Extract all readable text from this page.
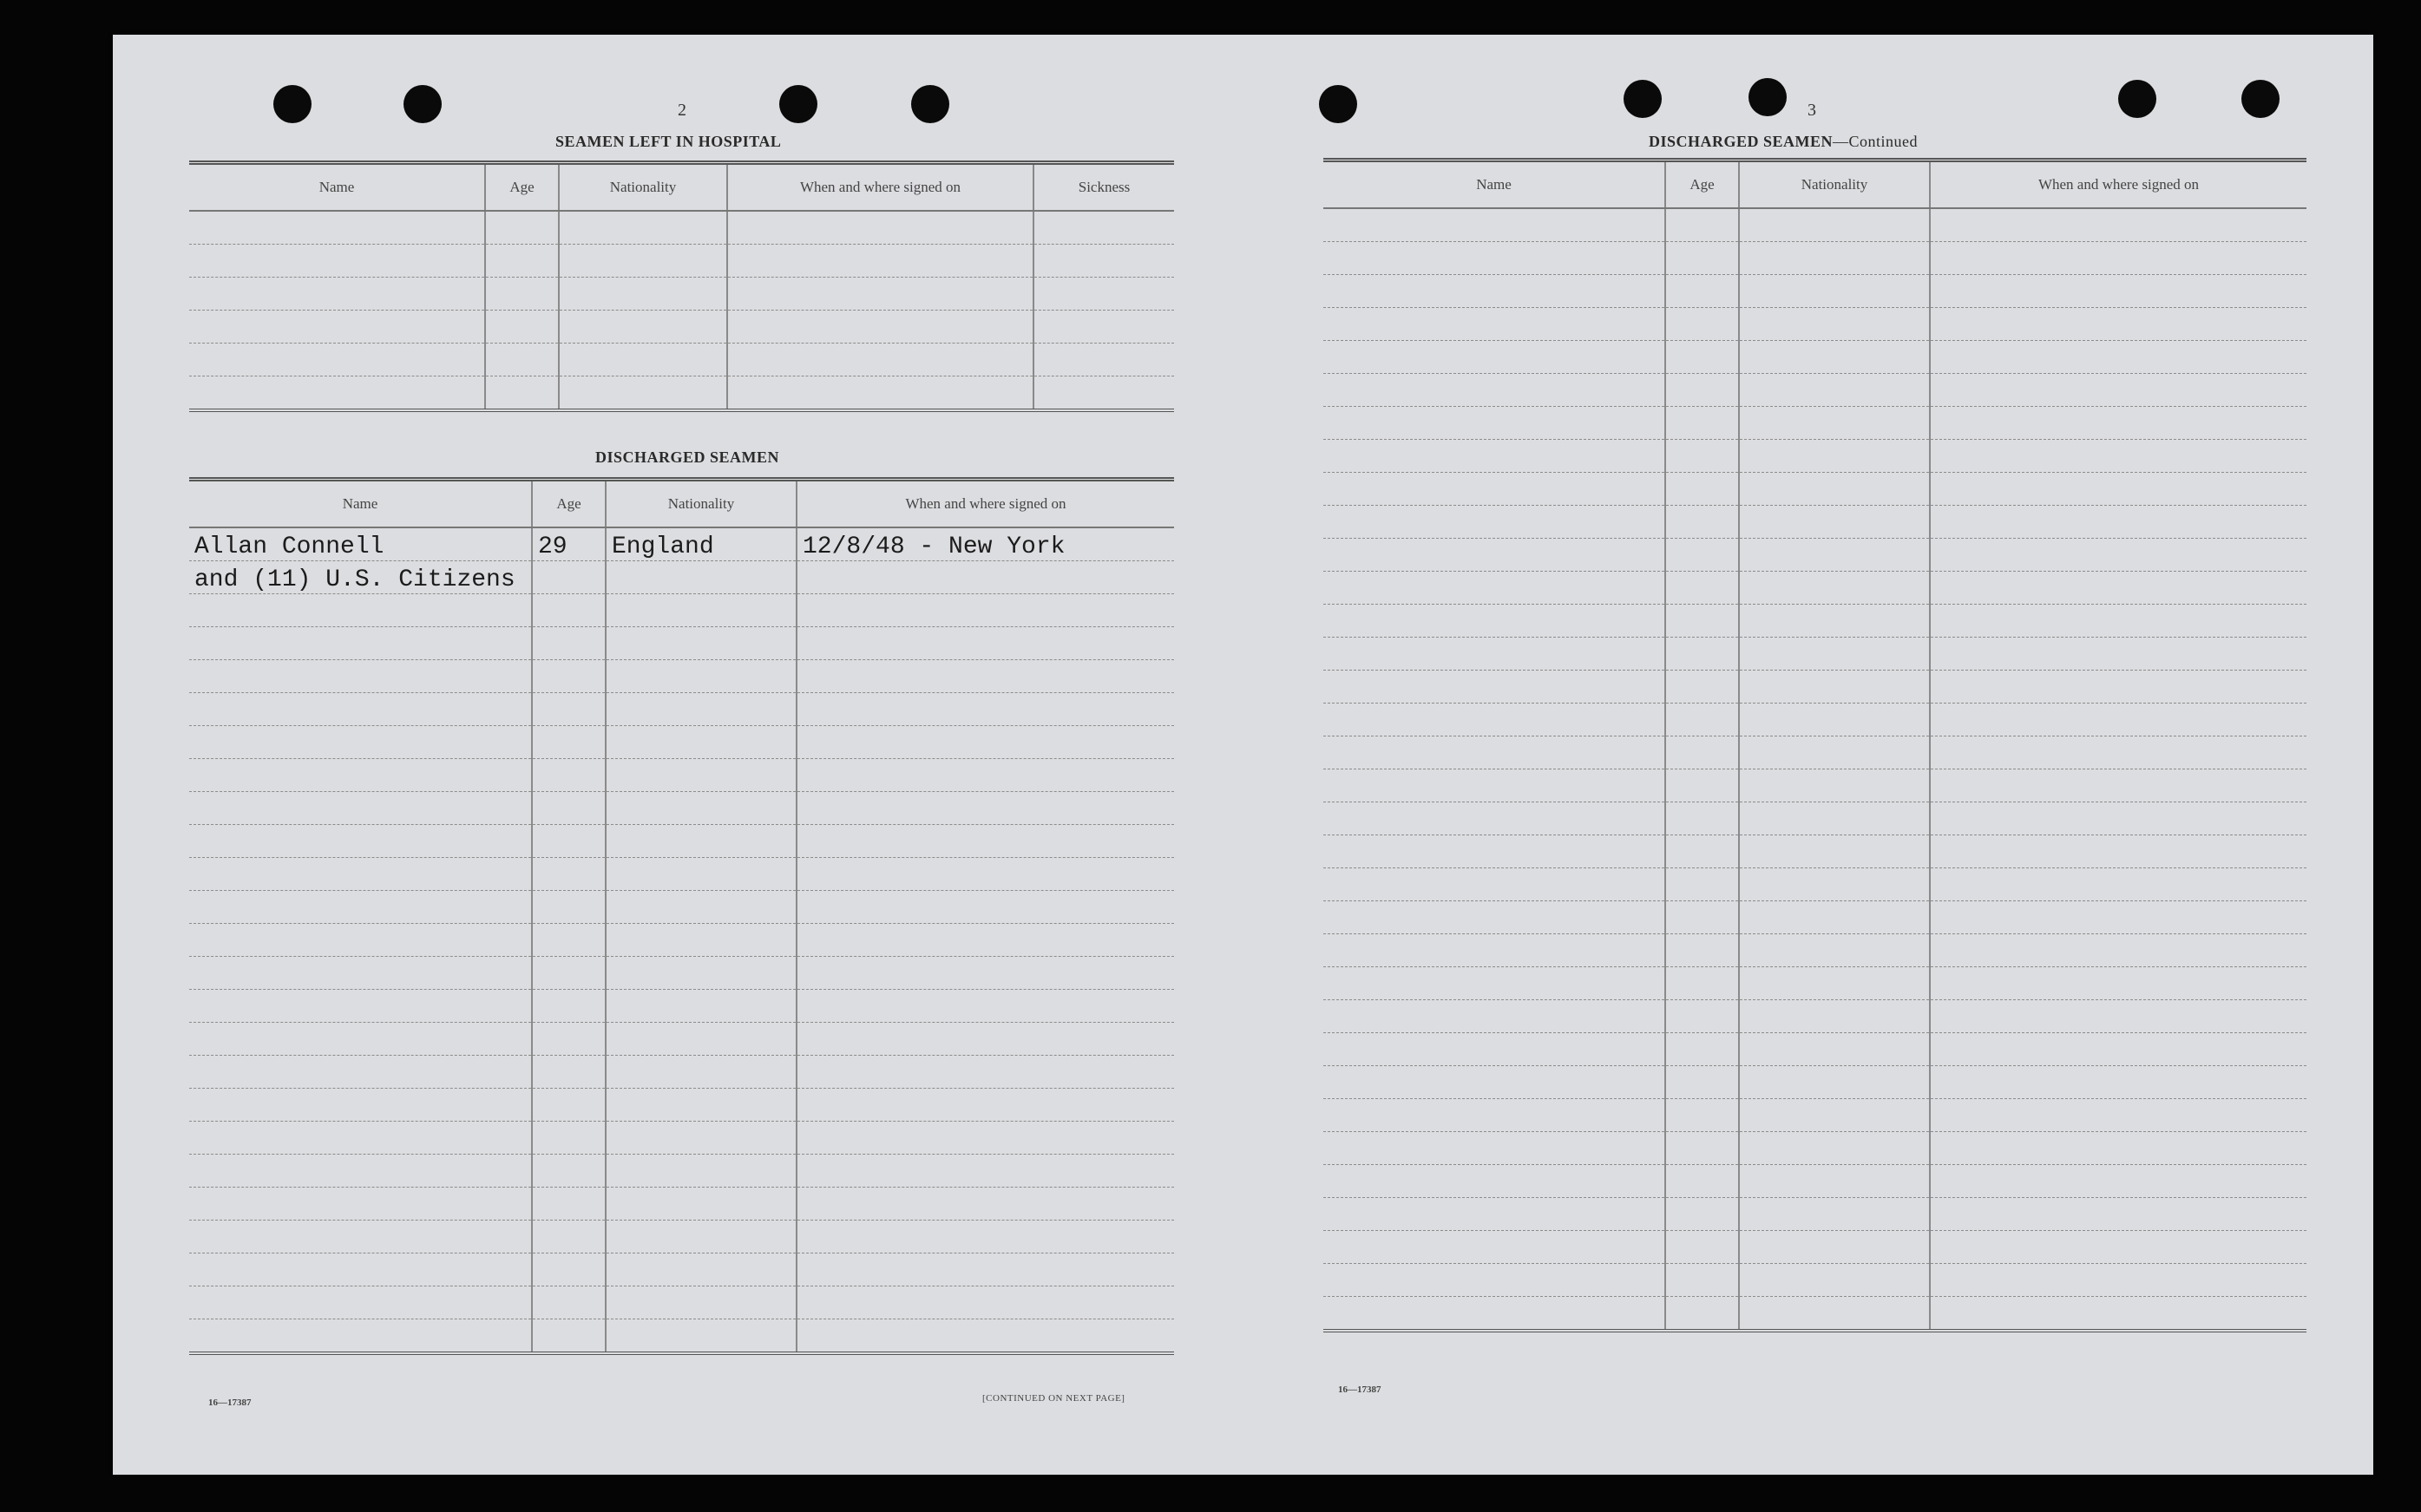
2
SEAMEN LEFT IN HOSPITAL
Name	Age	Nationality	When and where signed on	Sickness

DISCHARGED SEAMEN
Name	Age	Nationality	When and where signed on
Allan Connell	29	England	12/8/48 - New York
and (11) U.S. Citizens			

16—17387	[CONTINUED ON NEXT PAGE]
3
DISCHARGED SEAMEN—Continued
Name	Age	Nationality	When and where signed on

16—17387
